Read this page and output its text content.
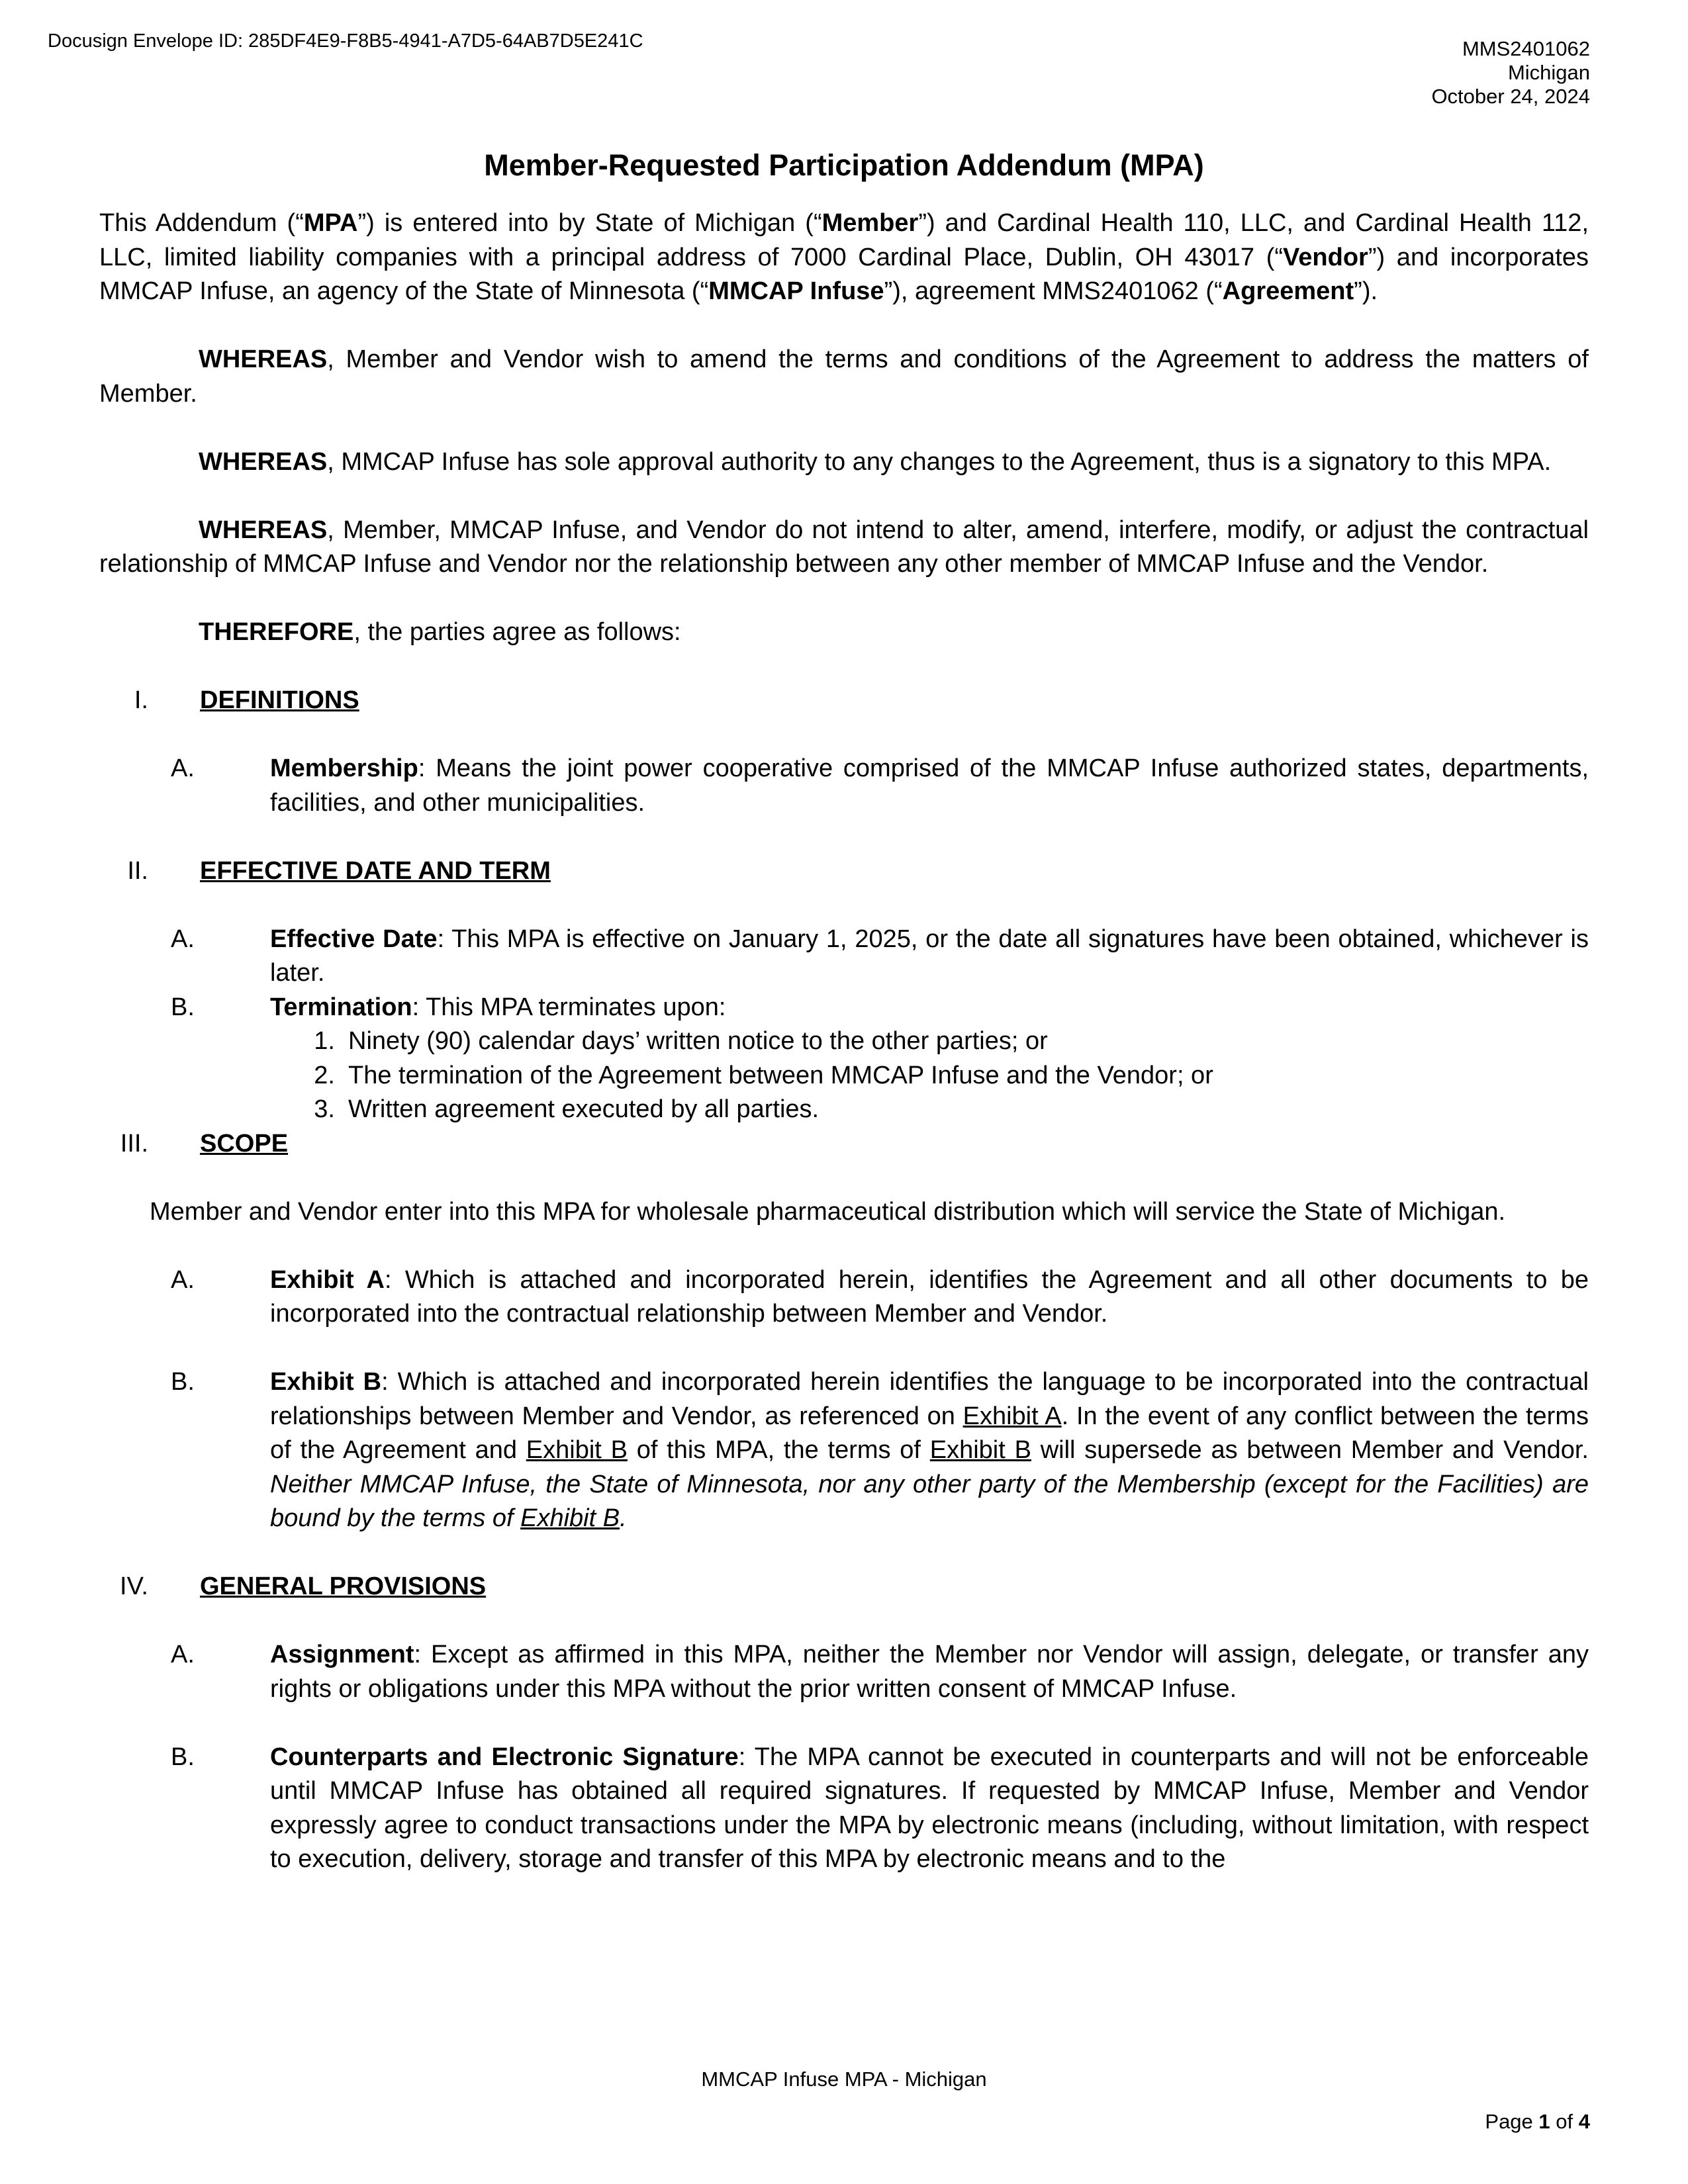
Docusign Envelope ID: 285DF4E9-F8B5-4941-A7D5-64AB7D5E241C	MMS2401062
Michigan
October 24, 2024
Member-Requested Participation Addendum (MPA)

This Addendum (“MPA”) is entered into by State of Michigan (“Member”) and Cardinal Health 110, LLC, and Cardinal Health 112, LLC, limited liability companies with a principal address of 7000 Cardinal Place, Dublin, OH 43017 (“Vendor”) and incorporates MMCAP Infuse, an agency of the State of Minnesota (“MMCAP Infuse”), agreement MMS2401062 (“Agreement”).

WHEREAS, Member and Vendor wish to amend the terms and conditions of the Agreement to address the matters of Member.

WHEREAS, MMCAP Infuse has sole approval authority to any changes to the Agreement, thus is a signatory to this MPA.

WHEREAS, Member, MMCAP Infuse, and Vendor do not intend to alter, amend, interfere, modify, or adjust the contractual relationship of MMCAP Infuse and Vendor nor the relationship between any other member of MMCAP Infuse and the Vendor.

THEREFORE, the parties agree as follows:

I.	DEFINITIONS
A.	Membership: Means the joint power cooperative comprised of the MMCAP Infuse authorized states, departments, facilities, and other municipalities.
II.	EFFECTIVE DATE AND TERM
A.	Effective Date: This MPA is effective on January 1, 2025, or the date all signatures have been obtained, whichever is later.
B.	Termination: This MPA terminates upon:
1. Ninety (90) calendar days’ written notice to the other parties; or
2. The termination of the Agreement between MMCAP Infuse and the Vendor; or
3. Written agreement executed by all parties.
III.	SCOPE

Member and Vendor enter into this MPA for wholesale pharmaceutical distribution which will service the State of Michigan.

A.	Exhibit A: Which is attached and incorporated herein, identifies the Agreement and all other documents to be incorporated into the contractual relationship between Member and Vendor.
B.	Exhibit B: Which is attached and incorporated herein identifies the language to be incorporated into the contractual relationships between Member and Vendor, as referenced on Exhibit A. In the event of any conflict between the terms of the Agreement and Exhibit B of this MPA, the terms of Exhibit B will supersede as between Member and Vendor. Neither MMCAP Infuse, the State of Minnesota, nor any other party of the Membership (except for the Facilities) are bound by the terms of Exhibit B.
IV.	GENERAL PROVISIONS
A.	Assignment: Except as affirmed in this MPA, neither the Member nor Vendor will assign, delegate, or transfer any rights or obligations under this MPA without the prior written consent of MMCAP Infuse.
B.	Counterparts and Electronic Signature: The MPA cannot be executed in counterparts and will not be enforceable until MMCAP Infuse has obtained all required signatures. If requested by MMCAP Infuse, Member and Vendor expressly agree to conduct transactions under the MPA by electronic means (including, without limitation, with respect to execution, delivery, storage and transfer of this MPA by electronic means and to the
MMCAP Infuse MPA - Michigan
Page 1 of 4
